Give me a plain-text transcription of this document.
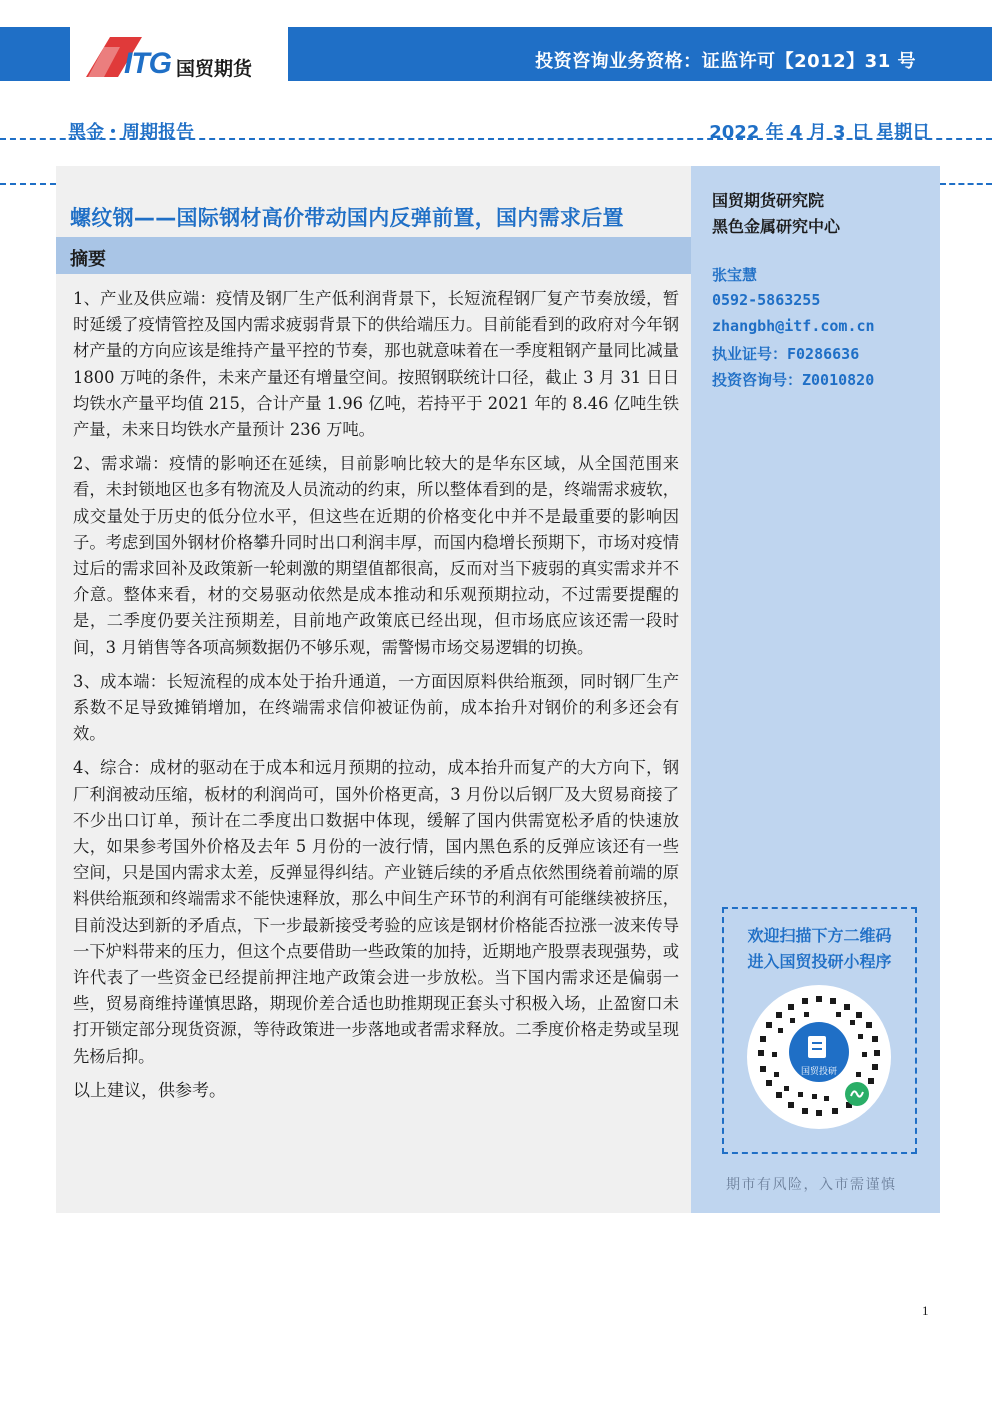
ITG 国贸期货	投资咨询业务资格：证监许可【2012】31 号
黑金・周期报告	2022 年 4 月 3 日 星期日
螺纹钢——国际钢材高价带动国内反弹前置，国内需求后置
摘要

1、产业及供应端：疫情及钢厂生产低利润背景下，长短流程钢厂复产节奏放缓，暂时延缓了疫情管控及国内需求疲弱背景下的供给端压力。目前能看到的政府对今年钢材产量的方向应该是维持产量平控的节奏，那也就意味着在一季度粗钢产量同比减量 1800 万吨的条件，未来产量还有增量空间。按照钢联统计口径，截止 3 月 31 日日均铁水产量平均值 215，合计产量 1.96 亿吨，若持平于 2021 年的 8.46 亿吨生铁产量，未来日均铁水产量预计 236 万吨。

2、需求端：疫情的影响还在延续，目前影响比较大的是华东区域，从全国范围来看，未封锁地区也多有物流及人员流动的约束，所以整体看到的是，终端需求疲软，成交量处于历史的低分位水平，但这些在近期的价格变化中并不是最重要的影响因子。考虑到国外钢材价格攀升同时出口利润丰厚，而国内稳增长预期下，市场对疫情过后的需求回补及政策新一轮刺激的期望值都很高，反而对当下疲弱的真实需求并不介意。整体来看，材的交易驱动依然是成本推动和乐观预期拉动，不过需要提醒的是，二季度仍要关注预期差，目前地产政策底已经出现，但市场底应该还需一段时间，3 月销售等各项高频数据仍不够乐观，需警惕市场交易逻辑的切换。

3、成本端：长短流程的成本处于抬升通道，一方面因原料供给瓶颈，同时钢厂生产系数不足导致摊销增加，在终端需求信仰被证伪前，成本抬升对钢价的利多还会有效。

4、综合：成材的驱动在于成本和远月预期的拉动，成本抬升而复产的大方向下，钢厂利润被动压缩，板材的利润尚可，国外价格更高，3 月份以后钢厂及大贸易商接了不少出口订单，预计在二季度出口数据中体现，缓解了国内供需宽松矛盾的快速放大，如果参考国外价格及去年 5 月份的一波行情，国内黑色系的反弹应该还有一些空间，只是国内需求太差，反弹显得纠结。产业链后续的矛盾点依然围绕着前端的原料供给瓶颈和终端需求不能快速释放，那么中间生产环节的利润有可能继续被挤压，目前没达到新的矛盾点，下一步最新接受考验的应该是钢材价格能否拉涨一波来传导一下炉料带来的压力，但这个点要借助一些政策的加持，近期地产股票表现强势，或许代表了一些资金已经提前押注地产政策会进一步放松。当下国内需求还是偏弱一些，贸易商维持谨慎思路，期现价差合适也助推期现正套头寸积极入场，止盈窗口未打开锁定部分现货资源，等待政策进一步落地或者需求释放。二季度价格走势或呈现先杨后抑。

以上建议，供参考。

国贸期货研究院
黑色金属研究中心
张宝慧
0592-5863255
zhangbh@itf.com.cn
执业证号：F0286636
投资咨询号：Z0010820
欢迎扫描下方二维码
进入国贸投研小程序
国贸投研
期市有风险，入市需谨慎
1
